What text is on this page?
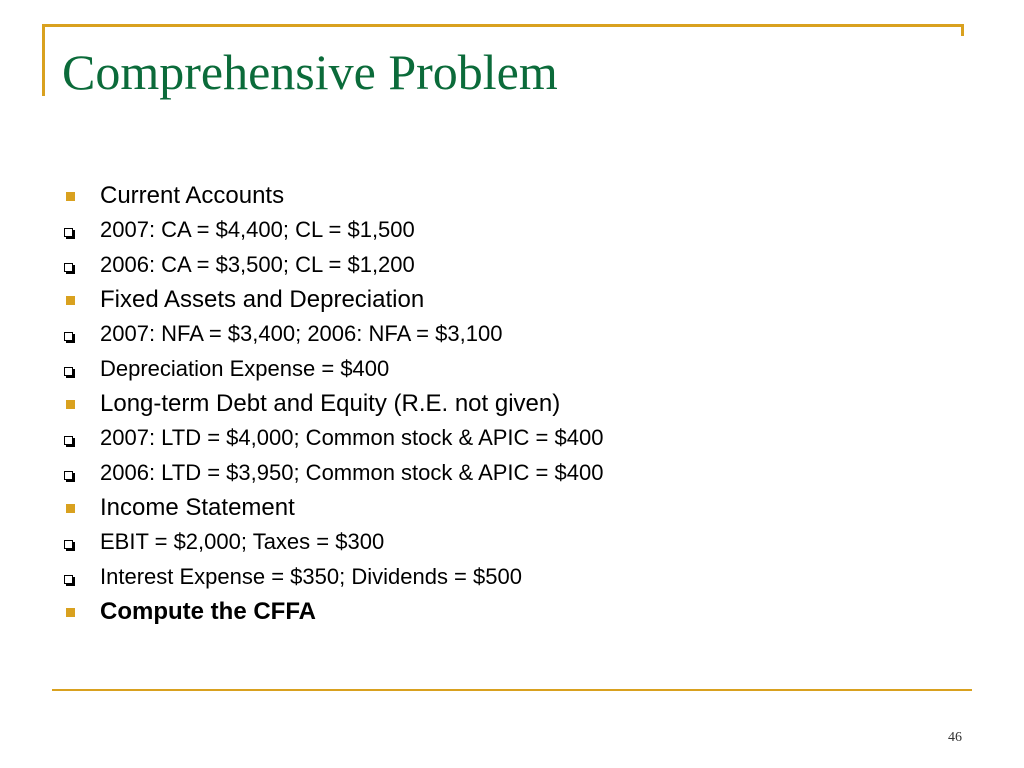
Comprehensive Problem
Current Accounts
2007: CA = $4,400; CL = $1,500
2006: CA = $3,500; CL = $1,200
Fixed Assets and Depreciation
2007: NFA = $3,400; 2006: NFA = $3,100
Depreciation Expense = $400
Long-term Debt and Equity (R.E. not given)
2007: LTD = $4,000; Common stock & APIC = $400
2006: LTD = $3,950; Common stock & APIC = $400
Income Statement
EBIT = $2,000; Taxes = $300
Interest Expense = $350; Dividends = $500
Compute the CFFA
46
